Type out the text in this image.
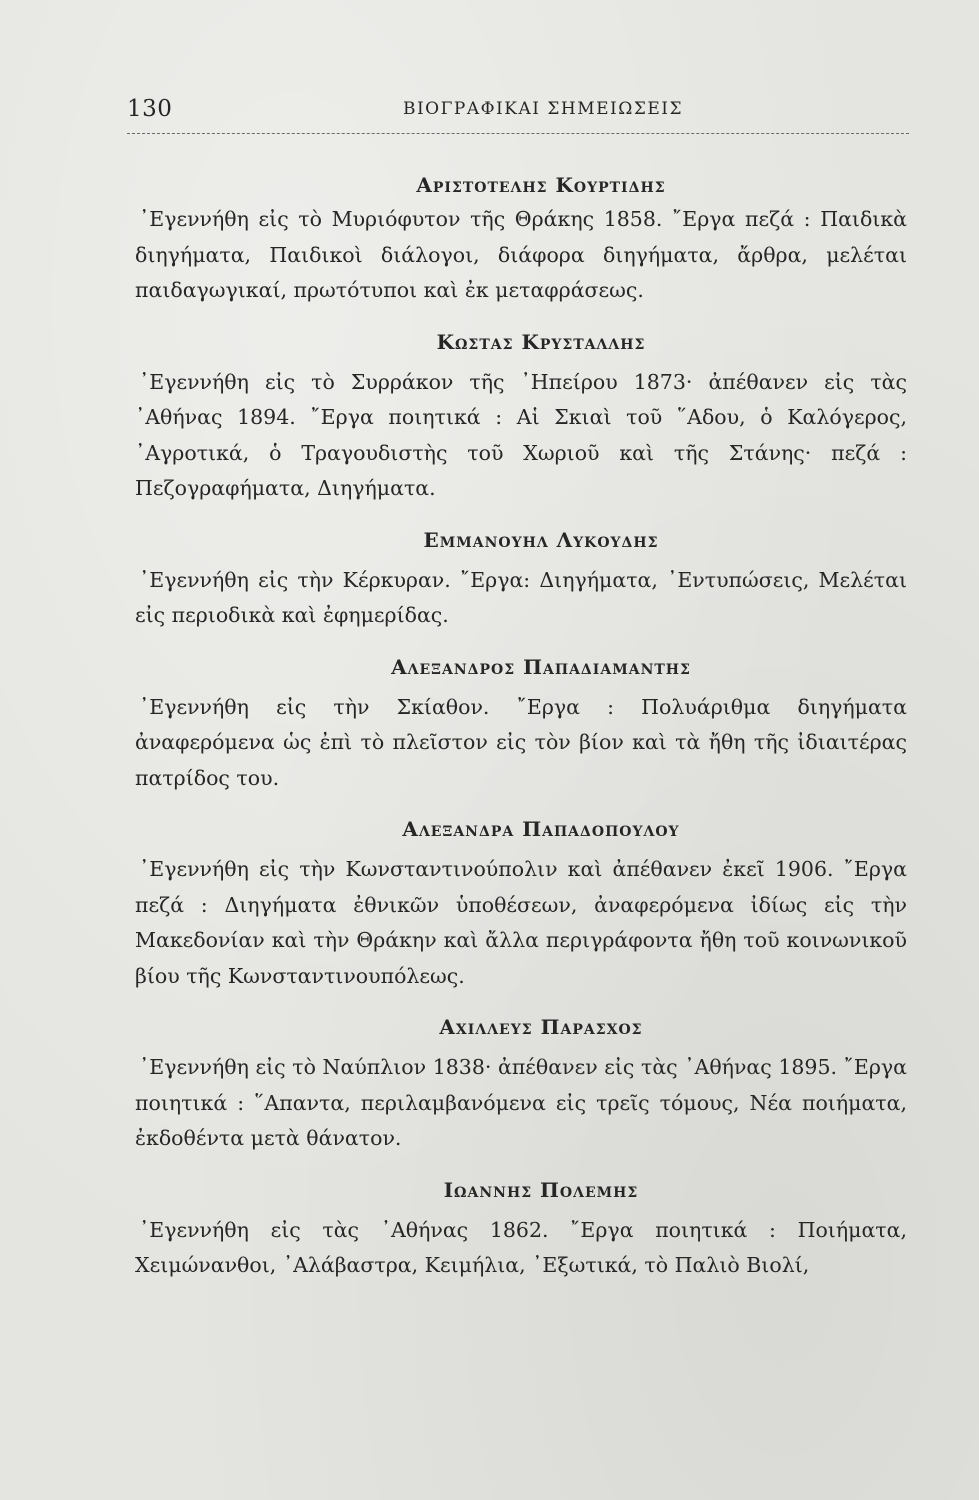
130	ΒΙΟΓΡΑΦΙΚΑΙ ΣΗΜΕΙΩΣΕΙΣ
Αριστοτελης Κουρτιδης

᾿Εγεννήθη εἰς τὸ Μυριόφυτον τῆς Θράκης 1858. ῎Εργα πεζά : Παιδικὰ διηγήματα, Παιδικοὶ διάλογοι, διάφορα διηγήματα, ἄρθρα, μελέται παιδαγωγικαί, πρωτότυποι καὶ ἐκ μεταφράσεως.

Κωστας Κρυσταλλης

᾿Εγεννήθη εἰς τὸ Συρράκον τῆς ᾿Ηπείρου 1873· ἀπέθανεν εἰς τὰς ᾿Αθήνας 1894. ῎Εργα ποιητικά : Αἱ Σκιαὶ τοῦ ῞Αδου, ὁ Καλόγερος, ᾿Αγροτικά, ὁ Τραγουδιστὴς τοῦ Χωριοῦ καὶ τῆς Στάνης· πεζά : Πεζογραφήματα, Διηγήματα.

Εμμανουηλ Λυκουδης

᾿Εγεννήθη εἰς τὴν Κέρκυραν. ῎Εργα: Διηγήματα, ᾿Εντυπώσεις, Μελέται εἰς περιοδικὰ καὶ ἐφημερίδας.

Αλεξανδρος Παπαδιαμαντης

᾿Εγεννήθη εἰς τὴν Σκίαθον. ῎Εργα : Πολυάριθμα διηγήματα ἀναφερόμενα ὡς ἐπὶ τὸ πλεῖστον εἰς τὸν βίον καὶ τὰ ἤθη τῆς ἰδιαιτέρας πατρίδος του.

Αλεξανδρα Παπαδοπουλου

᾿Εγεννήθη εἰς τὴν Κωνσταντινούπολιν καὶ ἀπέθανεν ἐκεῖ 1906. ῎Εργα πεζά : Διηγήματα ἐθνικῶν ὑποθέσεων, ἀναφερόμενα ἰδίως εἰς τὴν Μακεδονίαν καὶ τὴν Θράκην καὶ ἄλλα περιγράφοντα ἤθη τοῦ κοινωνικοῦ βίου τῆς Κωνσταντινουπόλεως.

Αχιλλευς Παρασχος

᾿Εγεννήθη εἰς τὸ Ναύπλιον 1838· ἀπέθανεν εἰς τὰς ᾿Αθήνας 1895. ῎Εργα ποιητικά : ῞Απαντα, περιλαμβανόμενα εἰς τρεῖς τόμους, Νέα ποιήματα, ἐκδοθέντα μετὰ θάνατον.

Ιωαννης Πολεμης

᾿Εγεννήθη εἰς τὰς ᾿Αθήνας 1862. ῎Εργα ποιητικά : Ποιήματα, Χειμώνανθοι, ᾿Αλάβαστρα, Κειμήλια, ᾿Εξωτικά, τὸ Παλιὸ Βιολί,
